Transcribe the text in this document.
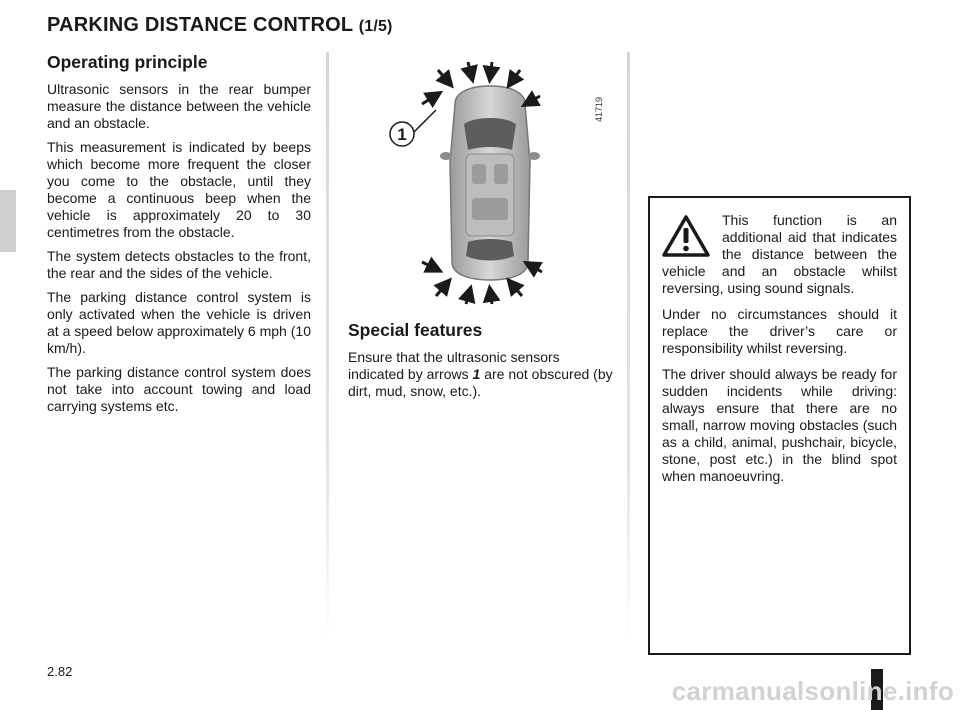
PARKING DISTANCE CONTROL (1/5)
Operating principle

Ultrasonic sensors in the rear bumper measure the distance between the vehicle and an obstacle.

This measurement is indicated by beeps which become more frequent the closer you come to the obstacle, until they become a continuous beep when the vehicle is approximately 20 to 30 centimetres from the obstacle.

The system detects obstacles to the front, the rear and the sides of the vehicle.

The parking distance control system is only activated when the vehicle is driven at a speed below approximately 6 mph (10 km/h).

The parking distance control system does not take into account towing and load carrying systems etc.

1
41719
Special features

Ensure that the ultrasonic sensors indicated by arrows 1 are not obscured (by dirt, mud, snow, etc.).

This function is an additional aid that indicates the distance between the vehicle and an obstacle whilst reversing, using sound signals.

Under no circumstances should it replace the driver’s care or responsibility whilst reversing.

The driver should always be ready for sudden incidents while driving: always ensure that there are no small, narrow moving obstacles (such as a child, animal, pushchair, bicycle, stone, post etc.) in the blind spot when manoeuvring.

2.82
carmanualsonline.info
